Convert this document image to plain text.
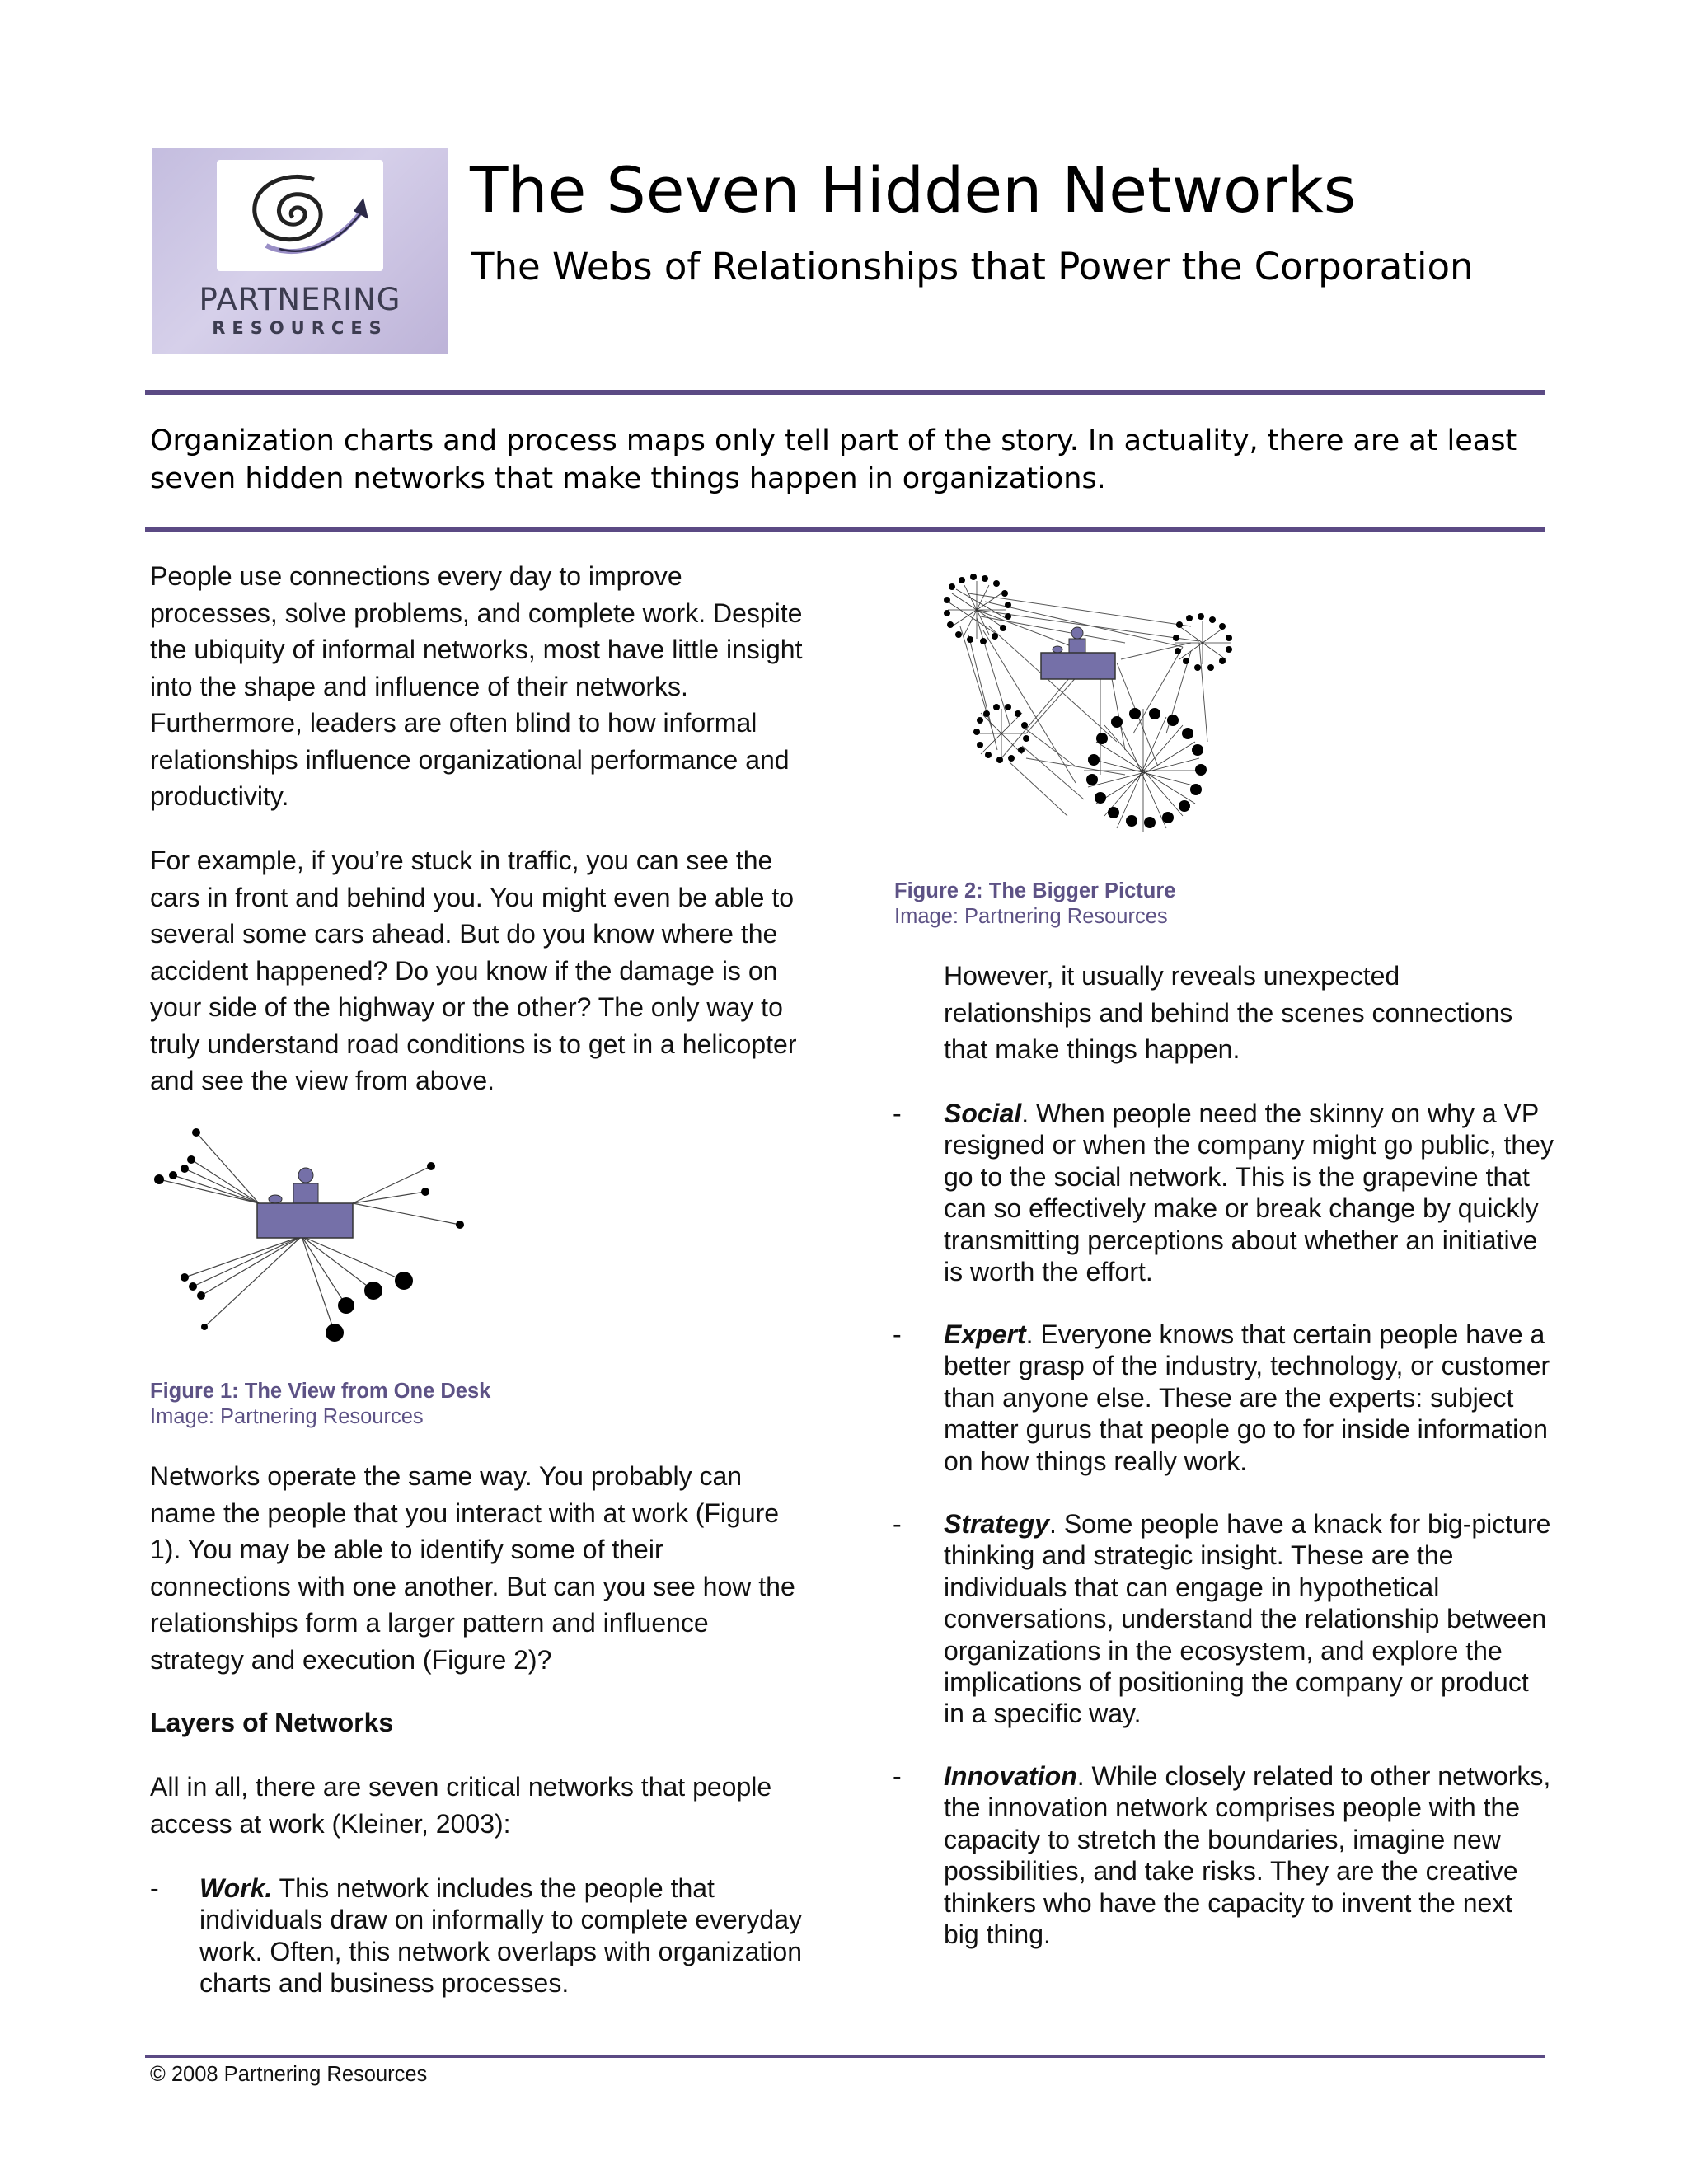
PARTNERING
RESOURCES
The Seven Hidden Networks
The Webs of Relationships that Power the Corporation
Organization charts and process maps only tell part of the story. In actuality, there are at least seven hidden networks that make things happen in organizations.
People use connections every day to improve processes, solve problems, and complete work. Despite the ubiquity of informal networks, most have little insight into the shape and influence of their networks. Furthermore, leaders are often blind to how informal relationships influence organizational performance and productivity.
For example, if you’re stuck in traffic, you can see the cars in front and behind you. You might even be able to several some cars ahead. But do you know where the accident happened? Do you know if the damage is on your side of the highway or the other? The only way to truly understand road conditions is to get in a helicopter and see the view from above.
Figure 1: The View from One Desk
Image: Partnering Resources
Networks operate the same way. You probably can name the people that you interact with at work (Figure 1). You may be able to identify some of their connections with one another. But can you see how the relationships form a larger pattern and influence strategy and execution (Figure 2)?
Layers of Networks
All in all, there are seven critical networks that people access at work (Kleiner, 2003):
- Work. This network includes the people that individuals draw on informally to complete everyday work. Often, this network overlaps with organization charts and business processes.
Figure 2: The Bigger Picture
Image: Partnering Resources
However, it usually reveals unexpected relationships and behind the scenes connections that make things happen.
- Social. When people need the skinny on why a VP resigned or when the company might go public, they go to the social network. This is the grapevine that can so effectively make or break change by quickly transmitting perceptions about whether an initiative is worth the effort.
- Expert. Everyone knows that certain people have a better grasp of the industry, technology, or customer than anyone else. These are the experts: subject matter gurus that people go to for inside information on how things really work.
- Strategy. Some people have a knack for big-picture thinking and strategic insight. These are the individuals that can engage in hypothetical conversations, understand the relationship between organizations in the ecosystem, and explore the implications of positioning the company or product in a specific way.
- Innovation. While closely related to other networks, the innovation network comprises people with the capacity to stretch the boundaries, imagine new possibilities, and take risks. They are the creative thinkers who have the capacity to invent the next big thing.
© 2008 Partnering Resources
